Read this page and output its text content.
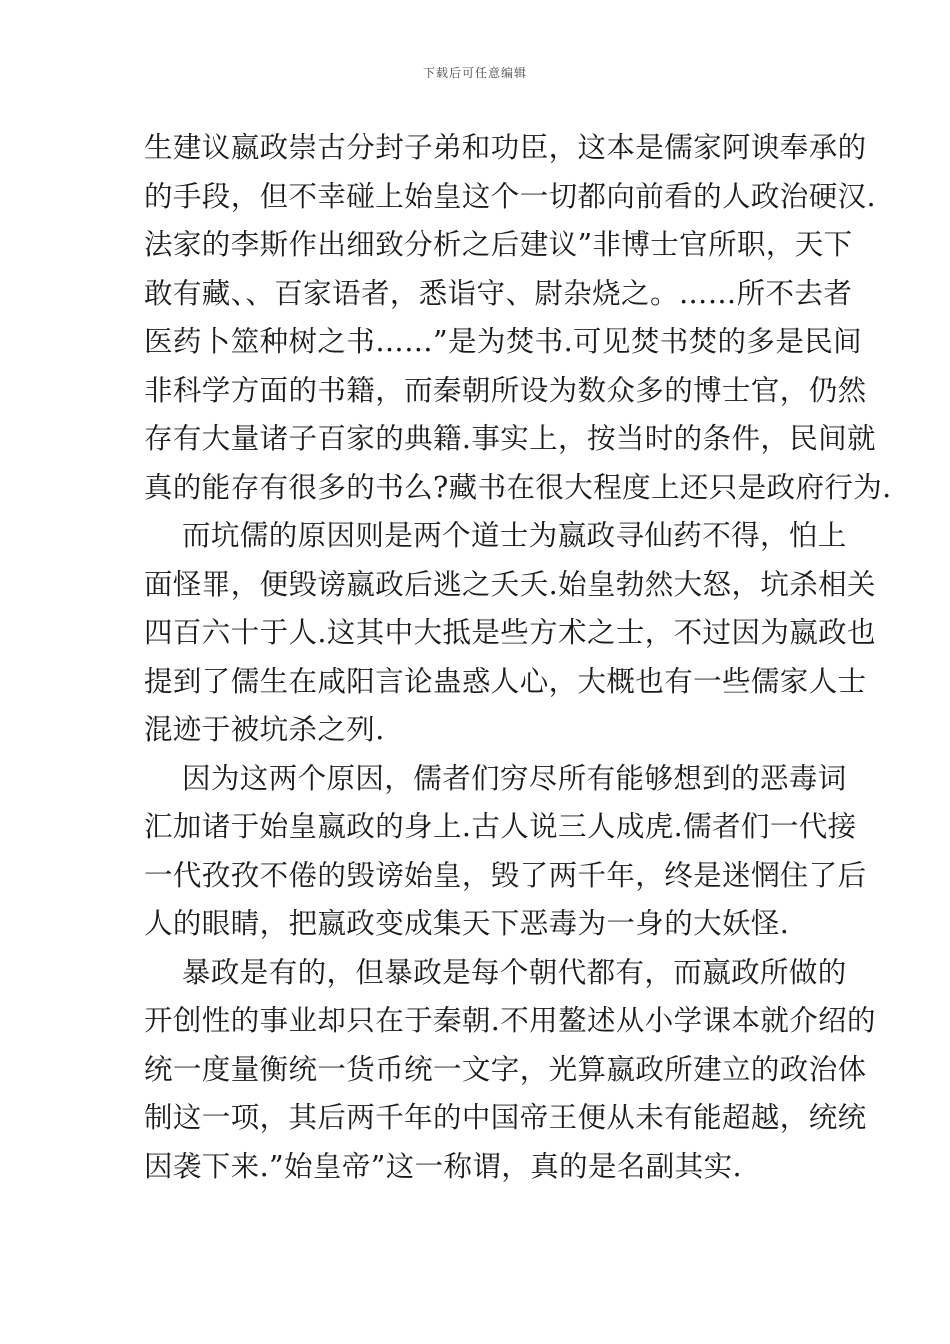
下载后可任意编辑
生建议嬴政崇古分封子弟和功臣，这本是儒家阿谀奉承的
的手段，但不幸碰上始皇这个一切都向前看的人政治硬汉.
法家的李斯作出细致分析之后建议”非博士官所职，天下
敢有藏、、百家语者，悉诣守、尉杂烧之。……所不去者
医药卜筮种树之书……”是为焚书.可见焚书焚的多是民间
非科学方面的书籍，而秦朝所设为数众多的博士官，仍然
存有大量诸子百家的典籍.事实上，按当时的条件，民间就
真的能存有很多的书么?藏书在很大程度上还只是政府行为.
而坑儒的原因则是两个道士为嬴政寻仙药不得，怕上
面怪罪，便毁谤嬴政后逃之夭夭.始皇勃然大怒，坑杀相关
四百六十于人.这其中大抵是些方术之士，不过因为嬴政也
提到了儒生在咸阳言论蛊惑人心，大概也有一些儒家人士
混迹于被坑杀之列.
因为这两个原因，儒者们穷尽所有能够想到的恶毒词
汇加诸于始皇嬴政的身上.古人说三人成虎.儒者们一代接
一代孜孜不倦的毁谤始皇，毁了两千年，终是迷惘住了后
人的眼睛，把嬴政变成集天下恶毒为一身的大妖怪.
暴政是有的，但暴政是每个朝代都有，而嬴政所做的
开创性的事业却只在于秦朝.不用鳌述从小学课本就介绍的
统一度量衡统一货币统一文字，光算嬴政所建立的政治体
制这一项，其后两千年的中国帝王便从未有能超越，统统
因袭下来.”始皇帝”这一称谓，真的是名副其实.
